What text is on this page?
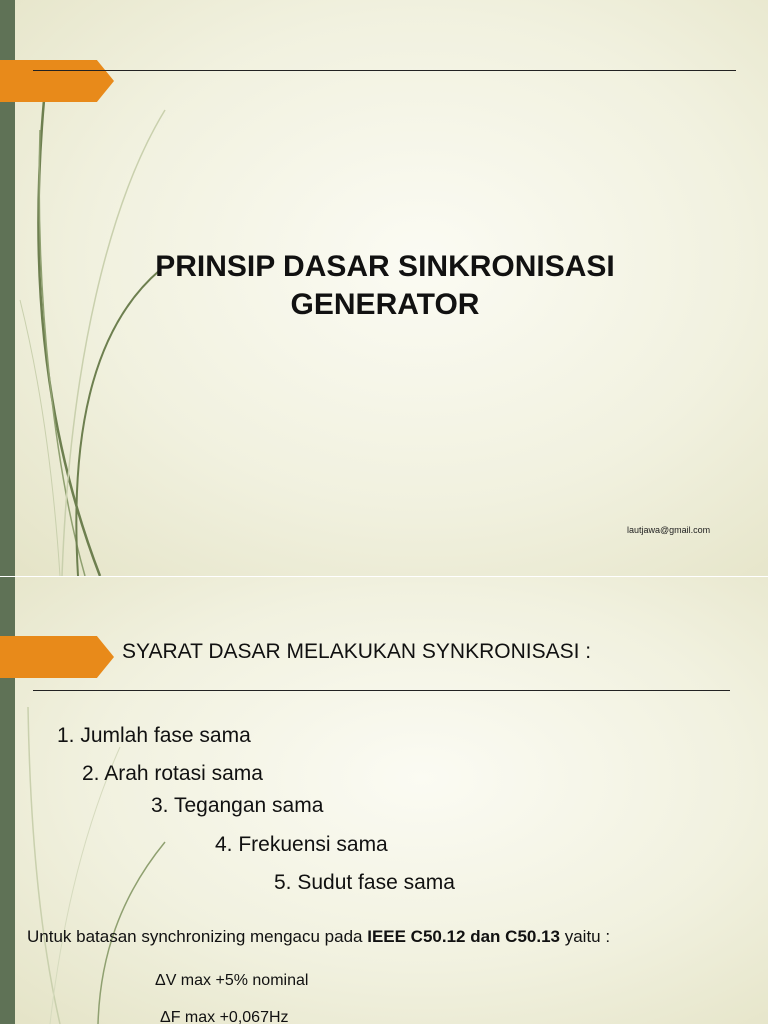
PRINSIP DASAR SINKRONISASI
GENERATOR
lautjawa@gmail.com
SYARAT DASAR MELAKUKAN SYNKRONISASI :
1. Jumlah fase sama
2. Arah rotasi sama
3. Tegangan sama
4. Frekuensi sama
5. Sudut fase sama
Untuk batasan synchronizing mengacu pada IEEE C50.12 dan C50.13 yaitu :
ΔV max +5% nominal
ΔF max +0,067Hz
